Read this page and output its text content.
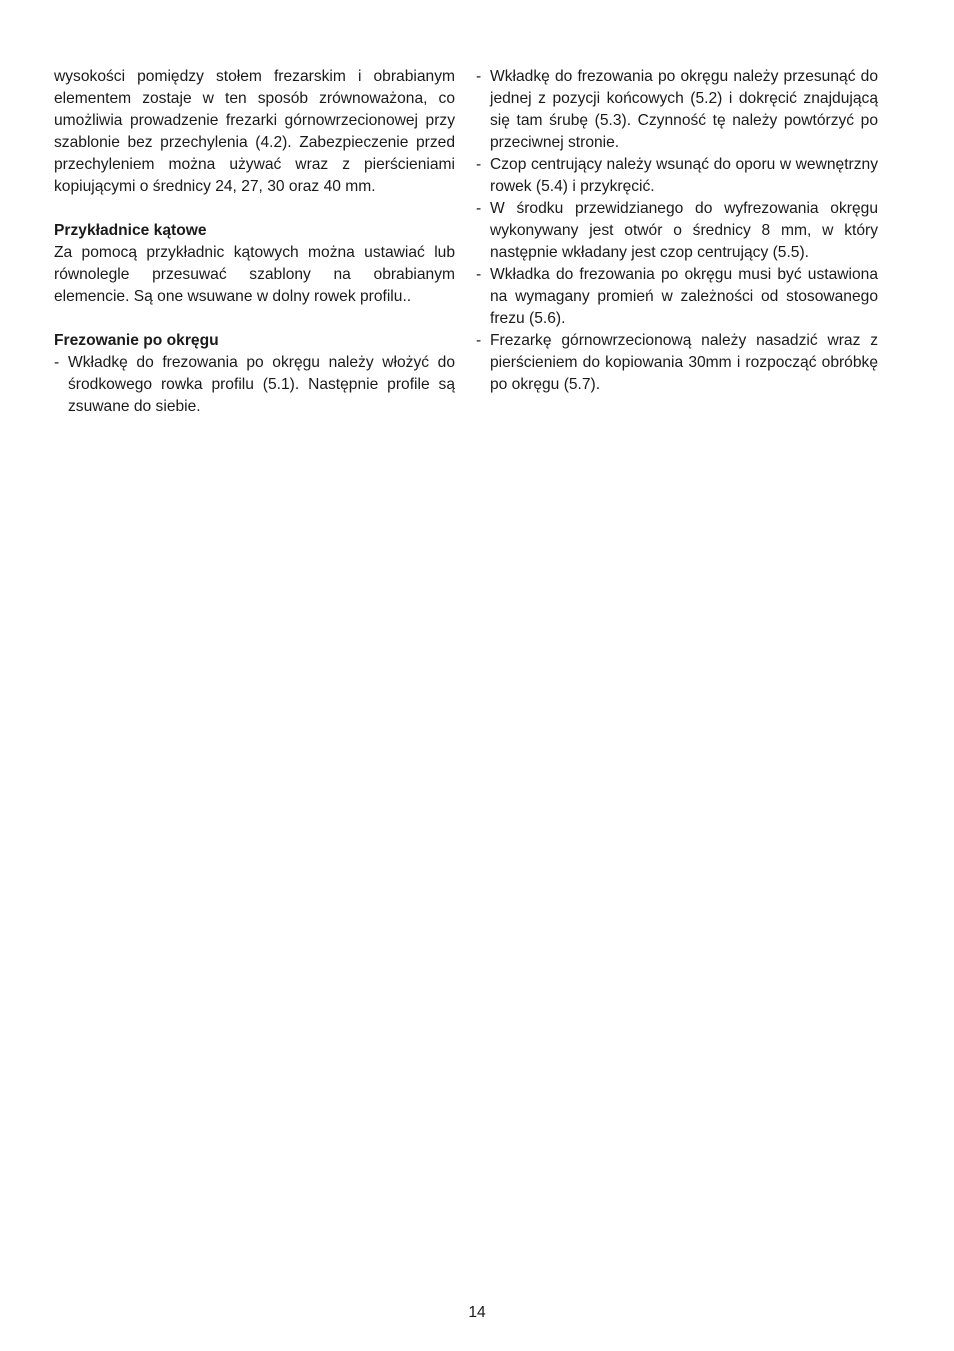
wysokości pomiędzy stołem frezarskim i obrabianym elementem zostaje w ten sposób zrównoważona, co umożliwia prowadzenie frezarki górnowrzecionowej przy szablonie bez przechylenia (4.2). Zabezpieczenie przed przechyleniem można używać wraz z pierścieniami kopiującymi o średnicy 24, 27, 30 oraz 40 mm.

Przykładnice kątowe

Za pomocą przykładnic kątowych można ustawiać lub równolegle przesuwać szablony na obrabianym elemencie. Są one wsuwane w dolny rowek profilu..

Frezowanie po okręgu
- Wkładkę do frezowania po okręgu należy włożyć do środkowego rowka profilu (5.1). Następnie profile są zsuwane do siebie.
- Wkładkę do frezowania po okręgu należy przesunąć do jednej z pozycji końcowych (5.2) i dokręcić znajdującą się tam śrubę (5.3). Czynność tę należy powtórzyć po przeciwnej stronie.
- Czop centrujący należy wsunąć do oporu w wewnętrzny rowek (5.4) i przykręcić.
- W środku przewidzianego do wyfrezowania okręgu wykonywany jest otwór o średnicy 8 mm, w który następnie wkładany jest czop centrujący (5.5).
- Wkładka do frezowania po okręgu musi być ustawiona na wymagany promień w zależności od stosowanego frezu (5.6).
- Frezarkę górnowrzecionową należy nasadzić wraz z pierścieniem do kopiowania 30mm i rozpocząć obróbkę po okręgu (5.7).
14
